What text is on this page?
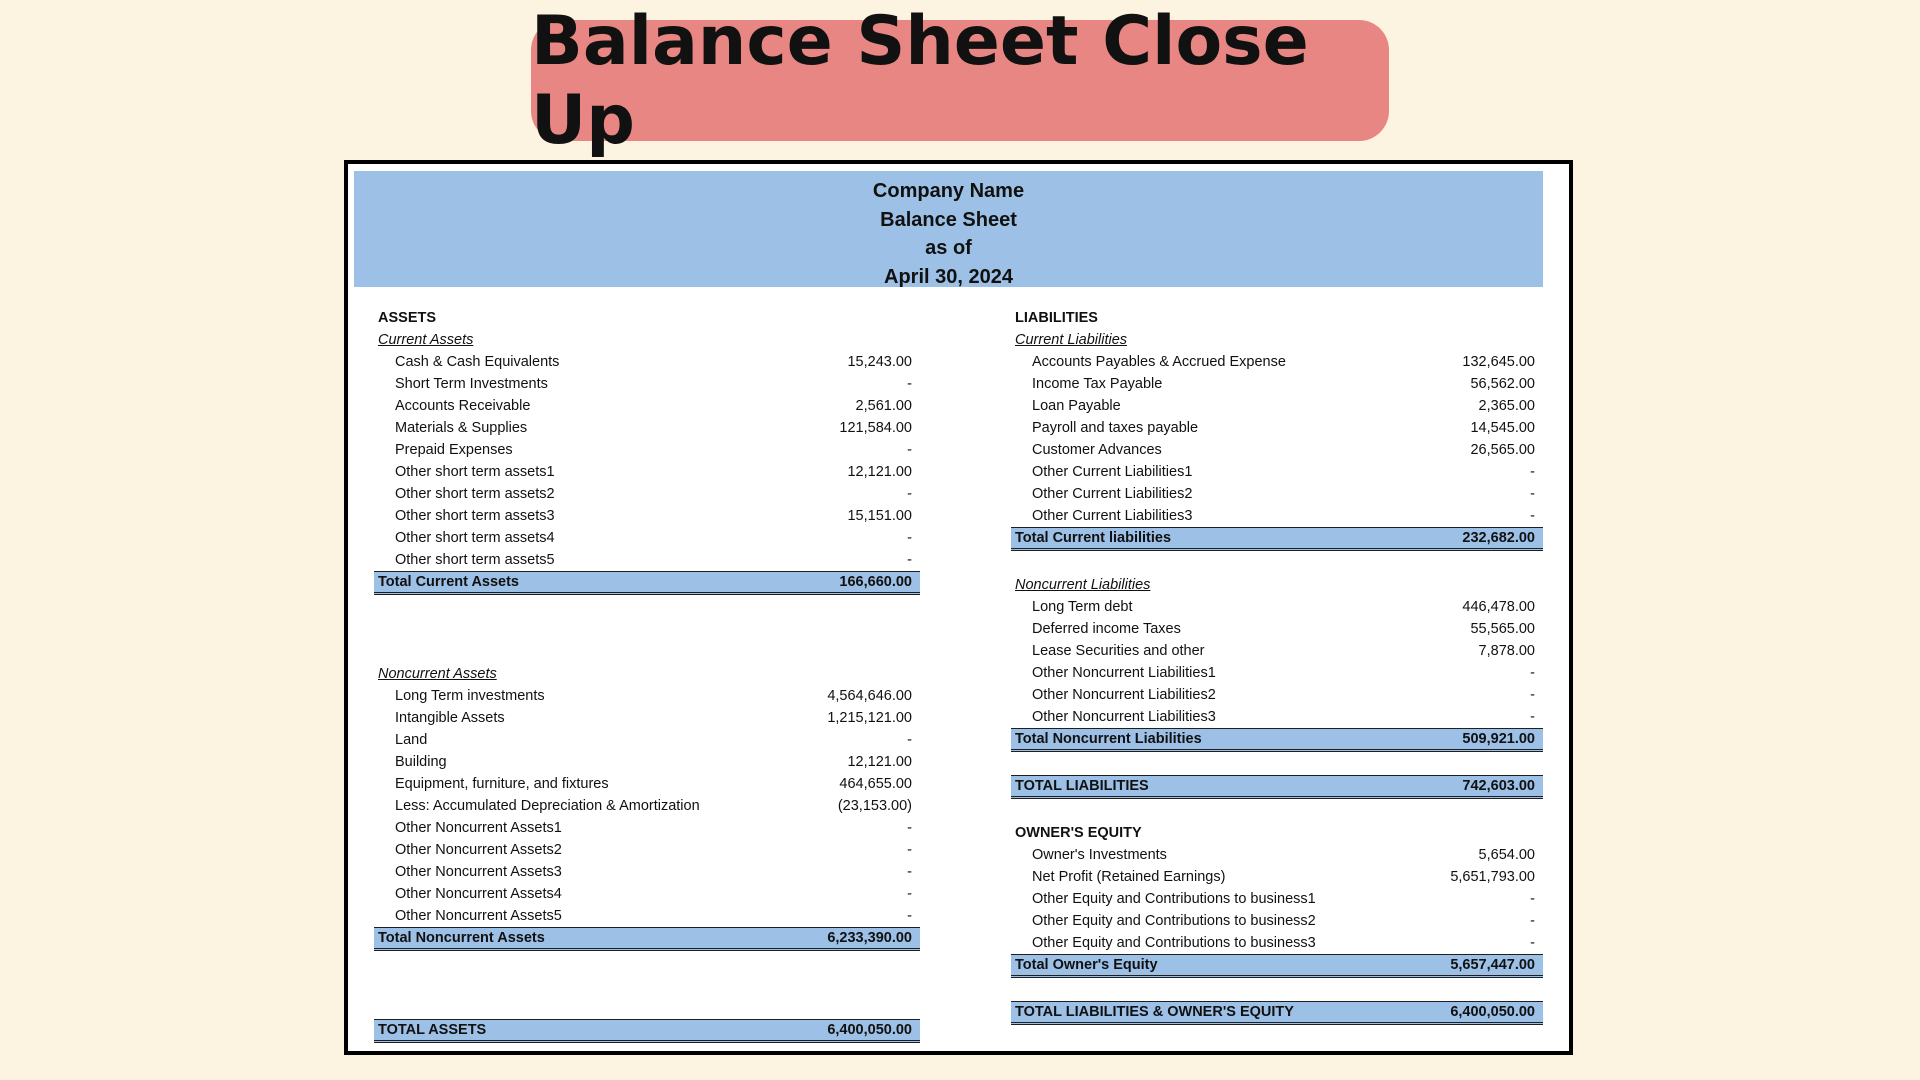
Balance Sheet Close Up
Company Name
Balance Sheet
as of
April 30, 2024
ASSETS
Current Assets
Cash & Cash Equivalents	15,243.00
Short Term Investments	-
Accounts Receivable	2,561.00
Materials & Supplies	121,584.00
Prepaid Expenses	-
Other short term assets1	12,121.00
Other short term assets2	-
Other short term assets3	15,151.00
Other short term assets4	-
Other short term assets5	-
Total Current Assets	166,660.00
Noncurrent Assets
Long Term investments	4,564,646.00
Intangible Assets	1,215,121.00
Land	-
Building	12,121.00
Equipment, furniture, and fixtures	464,655.00
Less: Accumulated Depreciation & Amortization	(23,153.00)
Other Noncurrent Assets1	-
Other Noncurrent Assets2	-
Other Noncurrent Assets3	-
Other Noncurrent Assets4	-
Other Noncurrent Assets5	-
Total Noncurrent Assets	6,233,390.00
TOTAL ASSETS	6,400,050.00
LIABILITIES
Current Liabilities
Accounts Payables & Accrued Expense	132,645.00
Income Tax Payable	56,562.00
Loan Payable	2,365.00
Payroll and taxes payable	14,545.00
Customer Advances	26,565.00
Other Current Liabilities1	-
Other Current Liabilities2	-
Other Current Liabilities3	-
Total Current liabilities	232,682.00
Noncurrent Liabilities
Long Term debt	446,478.00
Deferred income Taxes	55,565.00
Lease Securities and other	7,878.00
Other Noncurrent Liabilities1	-
Other Noncurrent Liabilities2	-
Other Noncurrent Liabilities3	-
Total Noncurrent Liabilities	509,921.00
TOTAL LIABILITIES	742,603.00
OWNER'S EQUITY
Owner's Investments	5,654.00
Net Profit (Retained Earnings)	5,651,793.00
Other Equity and Contributions to business1	-
Other Equity and Contributions to business2	-
Other Equity and Contributions to business3	-
Total Owner's Equity	5,657,447.00
TOTAL LIABILITIES & OWNER'S EQUITY	6,400,050.00
